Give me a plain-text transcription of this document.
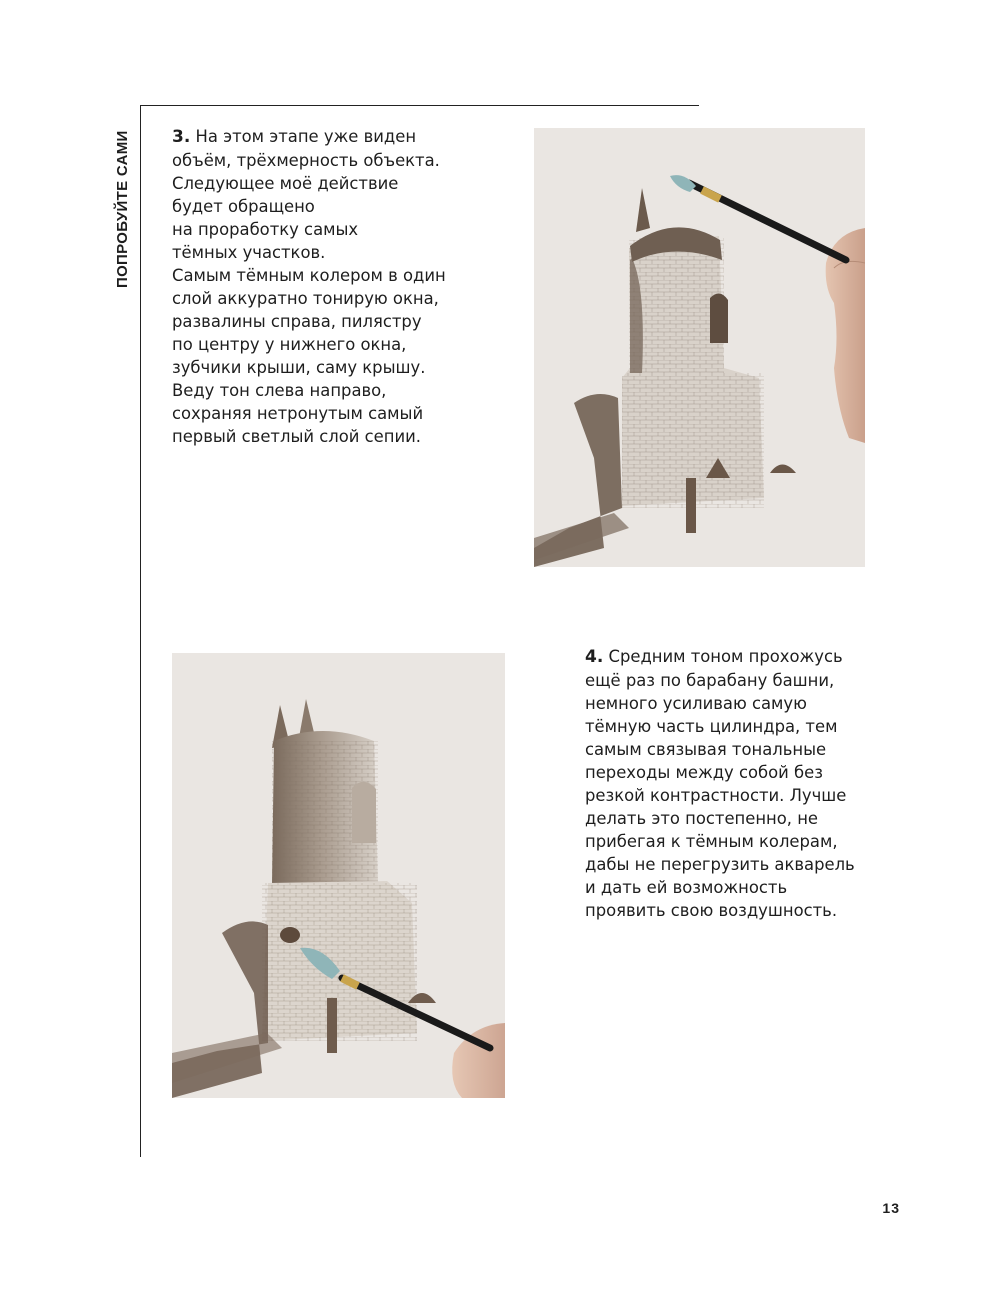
ПОПРОБУЙТЕ САМИ 3. На этом этапе уже виден
объём, трёхмерность объекта.
Следующее моё действие
будет обращено
на проработку самых
тёмных участков.
Самым тёмным колером в один
слой аккуратно тонирую окна,
развалины справа, пилястру
по центру у нижнего окна,
зубчики крыши, саму крышу.
Веду тон слева направо,
сохраняя нетронутым самый
первый светлый слой сепии.
4. Средним тоном прохожусь
ещё раз по барабану башни,
немного усиливаю самую
тёмную часть цилиндра, тем
самым связывая тональные
переходы между собой без
резкой контрастности. Лучше
делать это постепенно, не
прибегая к тёмным колерам,
дабы не перегрузить акварель
и дать ей возможность
проявить свою воздушность.
13
